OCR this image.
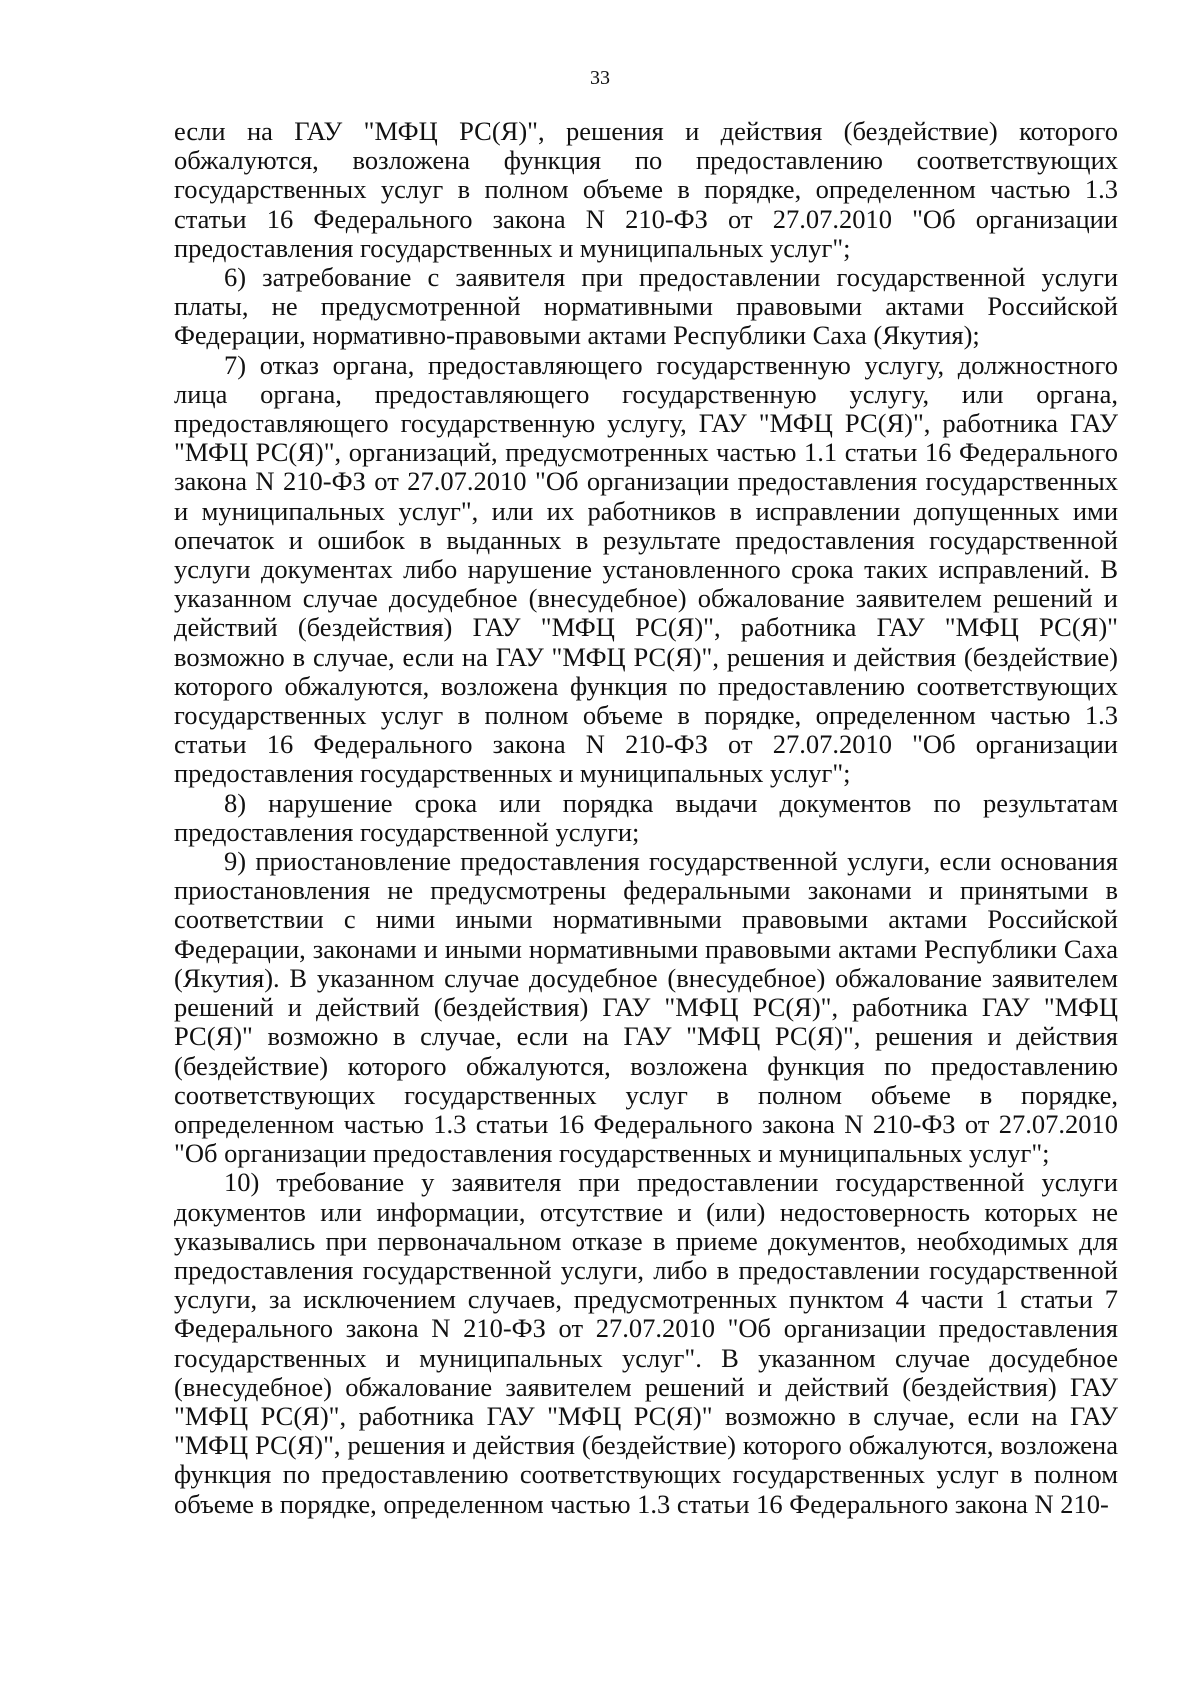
33

если на ГАУ "МФЦ РС(Я)", решения и действия (бездействие) которого обжалуются, возложена функция по предоставлению соответствующих государственных услуг в полном объеме в порядке, определенном частью 1.3 статьи 16 Федерального закона N 210-ФЗ от 27.07.2010 "Об организации предоставления государственных и муниципальных услуг";

6) затребование с заявителя при предоставлении государственной услуги платы, не предусмотренной нормативными правовыми актами Российской Федерации, нормативно-правовыми актами Республики Саха (Якутия);

7) отказ органа, предоставляющего государственную услугу, должностного лица органа, предоставляющего государственную услугу, или органа, предоставляющего государственную услугу, ГАУ "МФЦ РС(Я)", работника ГАУ "МФЦ РС(Я)", организаций, предусмотренных частью 1.1 статьи 16 Федерального закона N 210-ФЗ от 27.07.2010 "Об организации предоставления государственных и муниципальных услуг", или их работников в исправлении допущенных ими опечаток и ошибок в выданных в результате предоставления государственной услуги документах либо нарушение установленного срока таких исправлений. В указанном случае досудебное (внесудебное) обжалование заявителем решений и действий (бездействия) ГАУ "МФЦ РС(Я)", работника ГАУ "МФЦ РС(Я)" возможно в случае, если на ГАУ "МФЦ РС(Я)", решения и действия (бездействие) которого обжалуются, возложена функция по предоставлению соответствующих государственных услуг в полном объеме в порядке, определенном частью 1.3 статьи 16 Федерального закона N 210-ФЗ от 27.07.2010 "Об организации предоставления государственных и муниципальных услуг";

8) нарушение срока или порядка выдачи документов по результатам предоставления государственной услуги;

9) приостановление предоставления государственной услуги, если основания приостановления не предусмотрены федеральными законами и принятыми в соответствии с ними иными нормативными правовыми актами Российской Федерации, законами и иными нормативными правовыми актами Республики Саха (Якутия). В указанном случае досудебное (внесудебное) обжалование заявителем решений и действий (бездействия) ГАУ "МФЦ РС(Я)", работника ГАУ "МФЦ РС(Я)" возможно в случае, если на ГАУ "МФЦ РС(Я)", решения и действия (бездействие) которого обжалуются, возложена функция по предоставлению соответствующих государственных услуг в полном объеме в порядке, определенном частью 1.3 статьи 16 Федерального закона N 210-ФЗ от 27.07.2010 "Об организации предоставления государственных и муниципальных услуг";

10) требование у заявителя при предоставлении государственной услуги документов или информации, отсутствие и (или) недостоверность которых не указывались при первоначальном отказе в приеме документов, необходимых для предоставления государственной услуги, либо в предоставлении государственной услуги, за исключением случаев, предусмотренных пунктом 4 части 1 статьи 7 Федерального закона N 210-ФЗ от 27.07.2010 "Об организации предоставления государственных и муниципальных услуг". В указанном случае досудебное (внесудебное) обжалование заявителем решений и действий (бездействия) ГАУ "МФЦ РС(Я)", работника ГАУ "МФЦ РС(Я)" возможно в случае, если на ГАУ "МФЦ РС(Я)", решения и действия (бездействие) которого обжалуются, возложена функция по предоставлению соответствующих государственных услуг в полном объеме в порядке, определенном частью 1.3 статьи 16 Федерального закона N 210-
